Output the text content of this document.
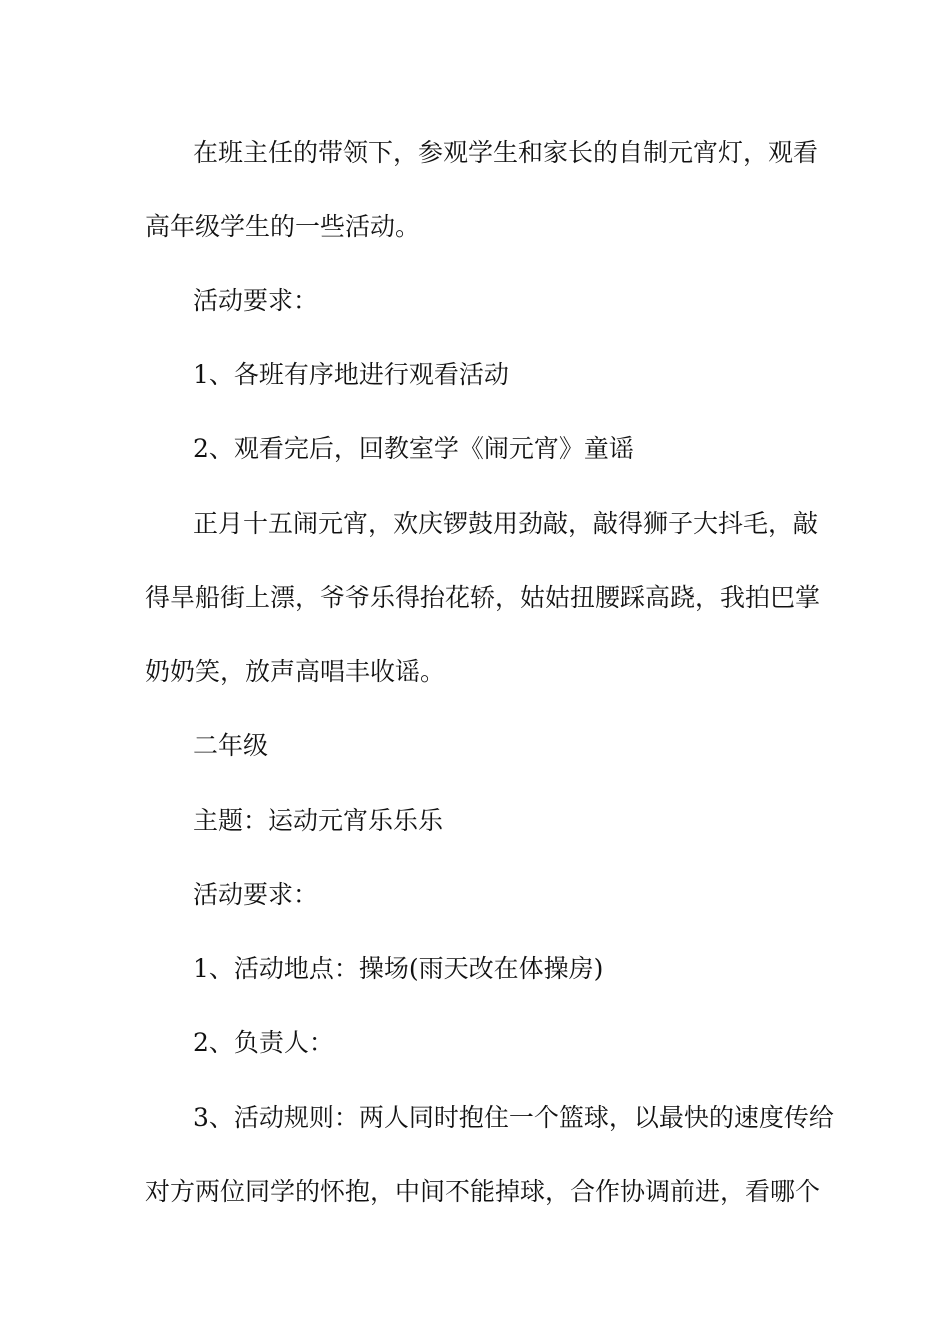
在班主任的带领下，参观学生和家长的自制元宵灯，观看
高年级学生的一些活动。
活动要求：
1、各班有序地进行观看活动
2、观看完后，回教室学《闹元宵》童谣
正月十五闹元宵，欢庆锣鼓用劲敲，敲得狮子大抖毛，敲
得旱船街上漂，爷爷乐得抬花轿，姑姑扭腰踩高跷，我拍巴掌
奶奶笑，放声高唱丰收谣。
二年级
主题：运动元宵乐乐乐
活动要求：
1、活动地点：操场(雨天改在体操房)
2、负责人：
3、活动规则：两人同时抱住一个篮球，以最快的速度传给
对方两位同学的怀抱，中间不能掉球，合作协调前进，看哪个
